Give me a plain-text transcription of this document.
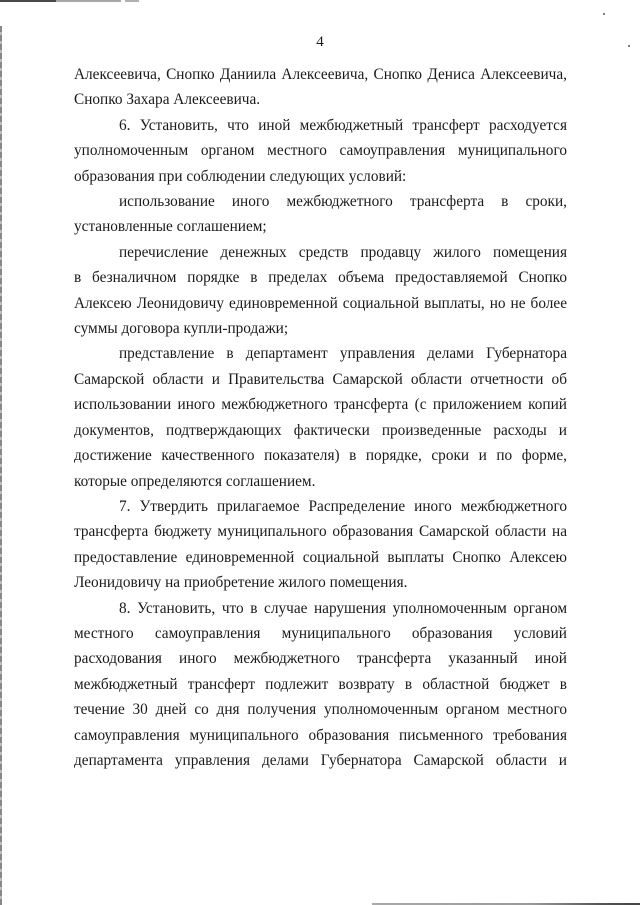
4

Алексеевича, Снопко Даниила Алексеевича, Снопко Дениса Алексеевича,
Снопко Захара Алексеевича.

6. Установить, что иной межбюджетный трансферт расходуется
уполномоченным органом местного самоуправления муниципального
образования при соблюдении следующих условий:

использование иного межбюджетного трансферта в сроки,
установленные соглашением;

перечисление денежных средств продавцу жилого помещения
в безналичном порядке в пределах объема предоставляемой Снопко
Алексею Леонидовичу единовременной социальной выплаты, но не более
суммы договора купли-продажи;

представление в департамент управления делами Губернатора
Самарской области и Правительства Самарской области отчетности об
использовании иного межбюджетного трансферта (с приложением копий
документов, подтверждающих фактически произведенные расходы и
достижение качественного показателя) в порядке, сроки и по форме,
которые определяются соглашением.

7. Утвердить прилагаемое Распределение иного межбюджетного
трансферта бюджету муниципального образования Самарской области на
предоставление единовременной социальной выплаты Снопко Алексею
Леонидовичу на приобретение жилого помещения.

8. Установить, что в случае нарушения уполномоченным органом
местного самоуправления муниципального образования условий
расходования иного межбюджетного трансферта указанный иной
межбюджетный трансферт подлежит возврату в областной бюджет в
течение 30 дней со дня получения уполномоченным органом местного
самоуправления муниципального образования письменного требования
департамента управления делами Губернатора Самарской области и
